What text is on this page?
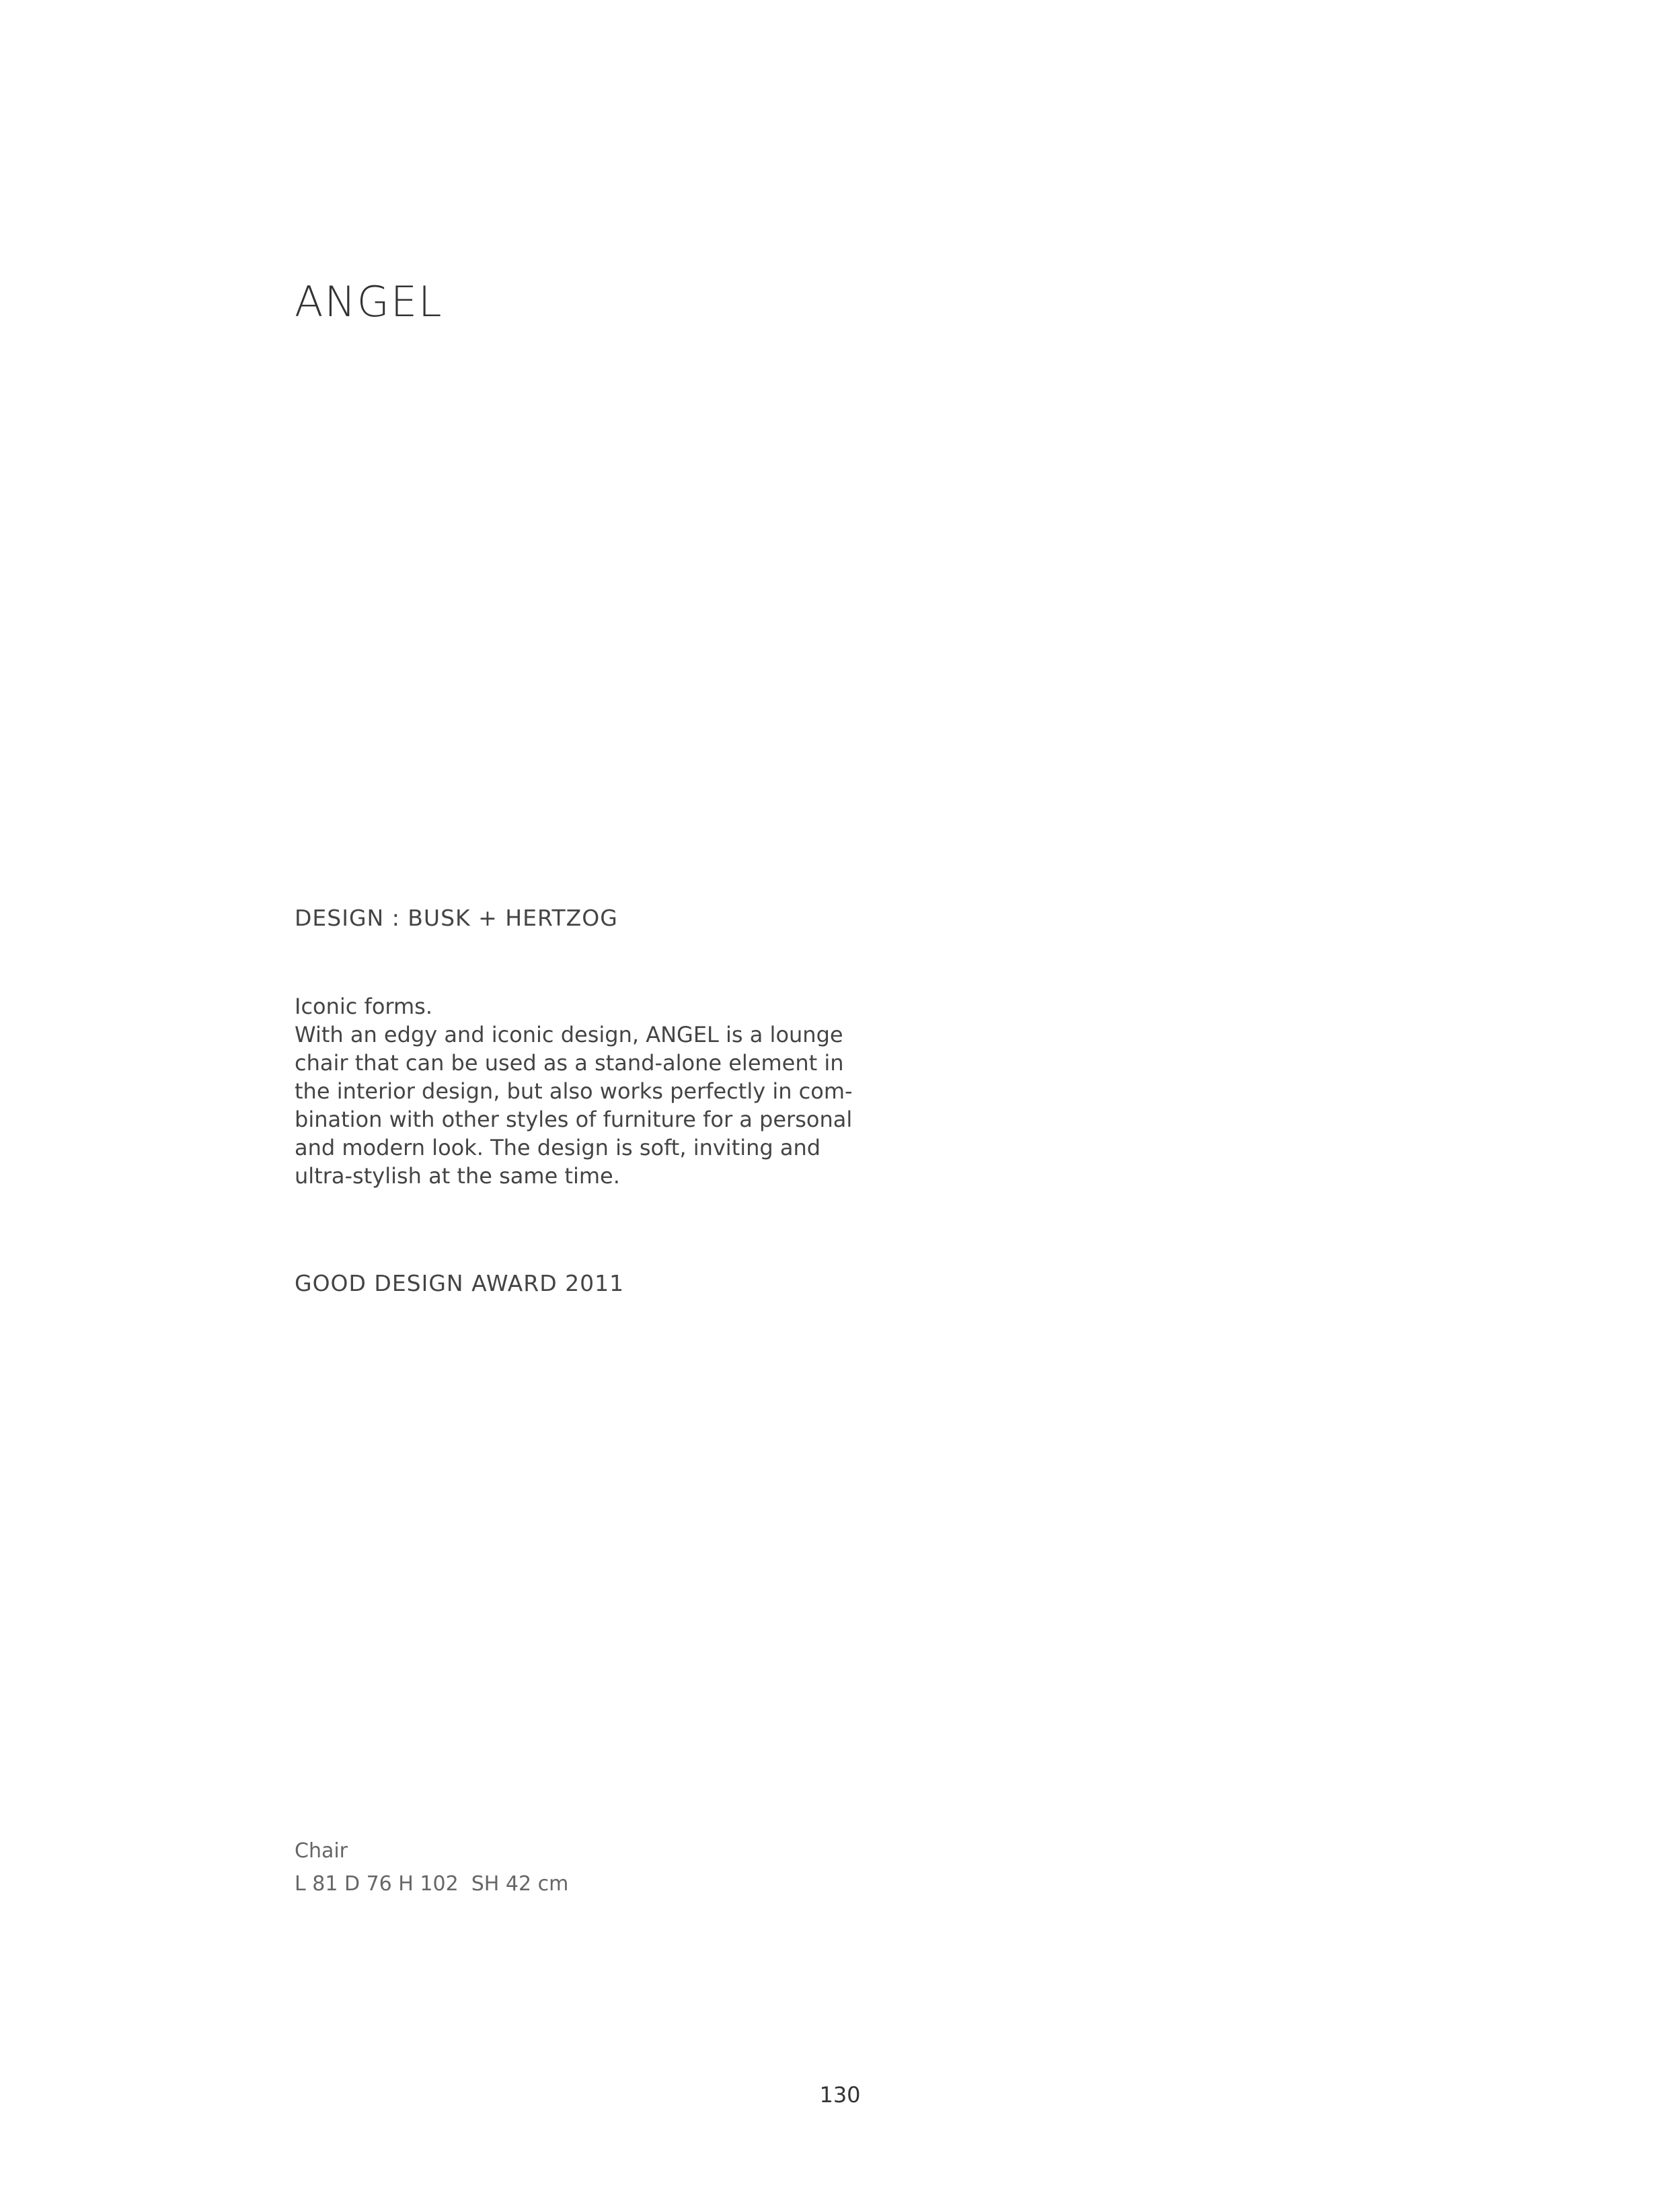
ANGEL
DESIGN : BUSK + HERTZOG
Iconic forms.
With an edgy and iconic design, ANGEL is a lounge
chair that can be used as a stand-alone element in
the interior design, but also works perfectly in com-
bination with other styles of furniture for a personal
and modern look. The design is soft, inviting and
ultra-stylish at the same time.
GOOD DESIGN AWARD 2011
Chair
L 81 D 76 H 102  SH 42 cm
130
